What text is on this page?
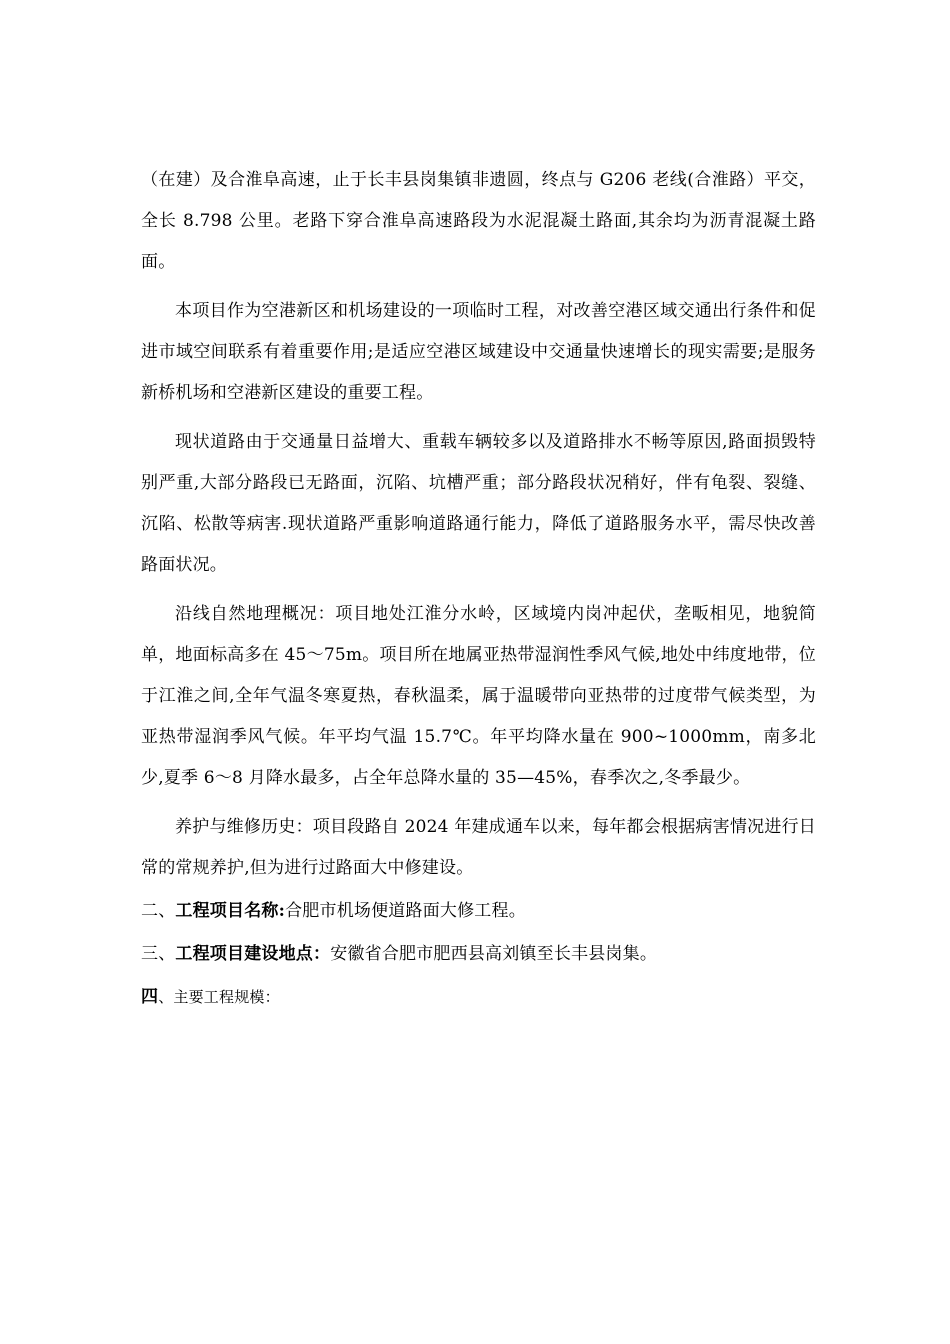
（在建）及合淮阜高速，止于长丰县岗集镇非遗圆，终点与 G206 老线(合淮路）平交，全长 8.798 公里。老路下穿合淮阜高速路段为水泥混凝土路面,其余均为沥青混凝土路面。

本项目作为空港新区和机场建设的一项临时工程，对改善空港区域交通出行条件和促进市域空间联系有着重要作用;是适应空港区域建设中交通量快速增长的现实需要;是服务新桥机场和空港新区建设的重要工程。

现状道路由于交通量日益增大、重载车辆较多以及道路排水不畅等原因,路面损毁特别严重,大部分路段已无路面，沉陷、坑槽严重；部分路段状况稍好，伴有龟裂、裂缝、沉陷、松散等病害.现状道路严重影响道路通行能力，降低了道路服务水平，需尽快改善路面状况。

沿线自然地理概况：项目地处江淮分水岭，区域境内岗冲起伏，垄畈相见，地貌简单，地面标高多在 45～75m。项目所在地属亚热带湿润性季风气候,地处中纬度地带，位于江淮之间,全年气温冬寒夏热，春秋温柔，属于温暖带向亚热带的过度带气候类型，为亚热带湿润季风气候。年平均气温 15.7℃。年平均降水量在 900~1000mm，南多北少,夏季 6～8 月降水最多，占全年总降水量的 35—45%，春季次之,冬季最少。

养护与维修历史：项目段路自 2024 年建成通车以来，每年都会根据病害情况进行日常的常规养护,但为进行过路面大中修建设。

二、工程项目名称:合肥市机场便道路面大修工程。

三、工程项目建设地点：安徽省合肥市肥西县高刘镇至长丰县岗集。

四、主要工程规模：
